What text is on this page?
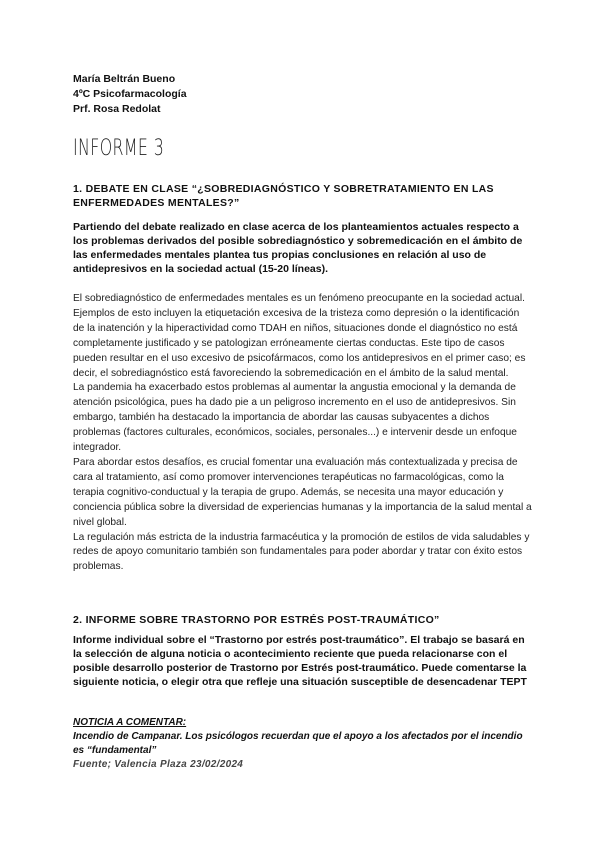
María Beltrán Bueno
4ºC Psicofarmacología
Prf. Rosa Redolat
INFORME 3
1. DEBATE EN CLASE “¿SOBREDIAGNÓSTICO Y SOBRETRATAMIENTO EN LAS ENFERMEDADES MENTALES?”
Partiendo del debate realizado en clase acerca de los planteamientos actuales respecto a los problemas derivados del posible sobrediagnóstico y sobremedicación en el ámbito de las enfermedades mentales plantea tus propias conclusiones en relación al uso de antidepresivos en la sociedad actual (15-20 líneas).

El sobrediagnóstico de enfermedades mentales es un fenómeno preocupante en la sociedad actual. Ejemplos de esto incluyen la etiquetación excesiva de la tristeza como depresión o la identificación de la inatención y la hiperactividad como TDAH en niños, situaciones donde el diagnóstico no está completamente justificado y se patologizan erróneamente ciertas conductas. Este tipo de casos pueden resultar en el uso excesivo de psicofármacos, como los antidepresivos en el primer caso; es decir, el sobrediagnóstico está favoreciendo la sobremedicación en el ámbito de la salud mental.

La pandemia ha exacerbado estos problemas al aumentar la angustia emocional y la demanda de atención psicológica, pues ha dado pie a un peligroso incremento en el uso de antidepresivos. Sin embargo, también ha destacado la importancia de abordar las causas subyacentes a dichos problemas (factores culturales, económicos, sociales, personales...) e intervenir desde un enfoque integrador.

Para abordar estos desafíos, es crucial fomentar una evaluación más contextualizada y precisa de cara al tratamiento, así como promover intervenciones terapéuticas no farmacológicas, como la terapia cognitivo-conductual y la terapia de grupo. Además, se necesita una mayor educación y conciencia pública sobre la diversidad de experiencias humanas y la importancia de la salud mental a nivel global.

La regulación más estricta de la industria farmacéutica y la promoción de estilos de vida saludables y redes de apoyo comunitario también son fundamentales para poder abordar y tratar con éxito estos problemas.

2. INFORME SOBRE TRASTORNO POR ESTRÉS POST-TRAUMÁTICO”
Informe individual sobre el “Trastorno por estrés post-traumático”. El trabajo se basará en la selección de alguna noticia o acontecimiento reciente que pueda relacionarse con el posible desarrollo posterior de Trastorno por Estrés post-traumático. Puede comentarse la siguiente noticia, o elegir otra que refleje una situación susceptible de desencadenar TEPT
NOTICIA A COMENTAR:
Incendio de Campanar. Los psicólogos recuerdan que el apoyo a los afectados por el incendio es “fundamental”
Fuente; Valencia Plaza 23/02/2024
